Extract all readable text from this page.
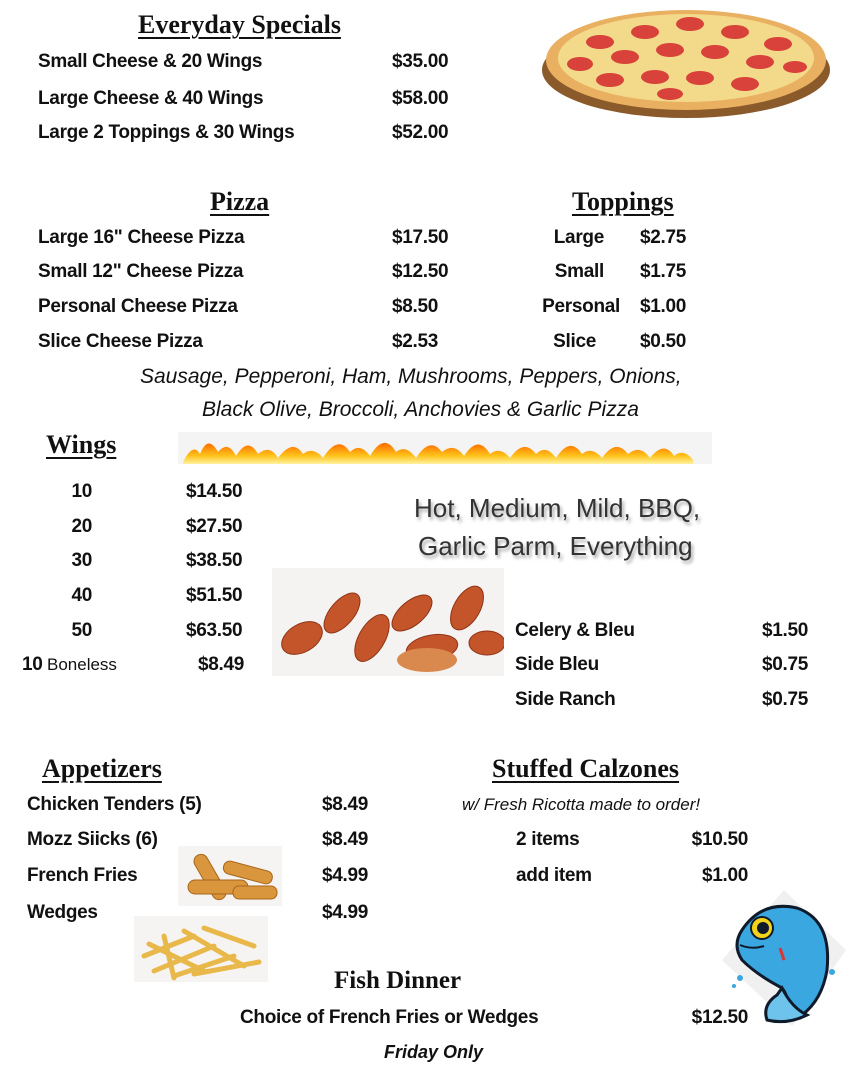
Everyday Specials
Small Cheese & 20 Wings	$35.00
Large Cheese & 40 Wings	$58.00
Large 2 Toppings & 30 Wings	$52.00
Pizza
Large 16" Cheese Pizza	$17.50
Small 12" Cheese Pizza	$12.50
Personal Cheese Pizza	$8.50
Slice Cheese Pizza	$2.53
Toppings
Large $2.75
Small $1.75
Personal $1.00
Slice $0.50
Sausage, Pepperoni, Ham, Mushrooms, Peppers, Onions,
Black Olive, Broccoli, Anchovies & Garlic Pizza
Wings
10	$14.50
20	$27.50
30	$38.50
40	$51.50
50	$63.50
10 Boneless	$8.49
Hot, Medium, Mild, BBQ,
Garlic Parm, Everything
Celery & Bleu	$1.50
Side Bleu	$0.75
Side Ranch	$0.75
Appetizers
Chicken Tenders (5)	$8.49
Mozz Siicks (6)	$8.49
French Fries	$4.99
Wedges	$4.99
Stuffed Calzones
w/ Fresh Ricotta made to order!
2 items	$10.50
add item	$1.00
Fish Dinner
Choice of French Fries or Wedges	$12.50
Friday Only
